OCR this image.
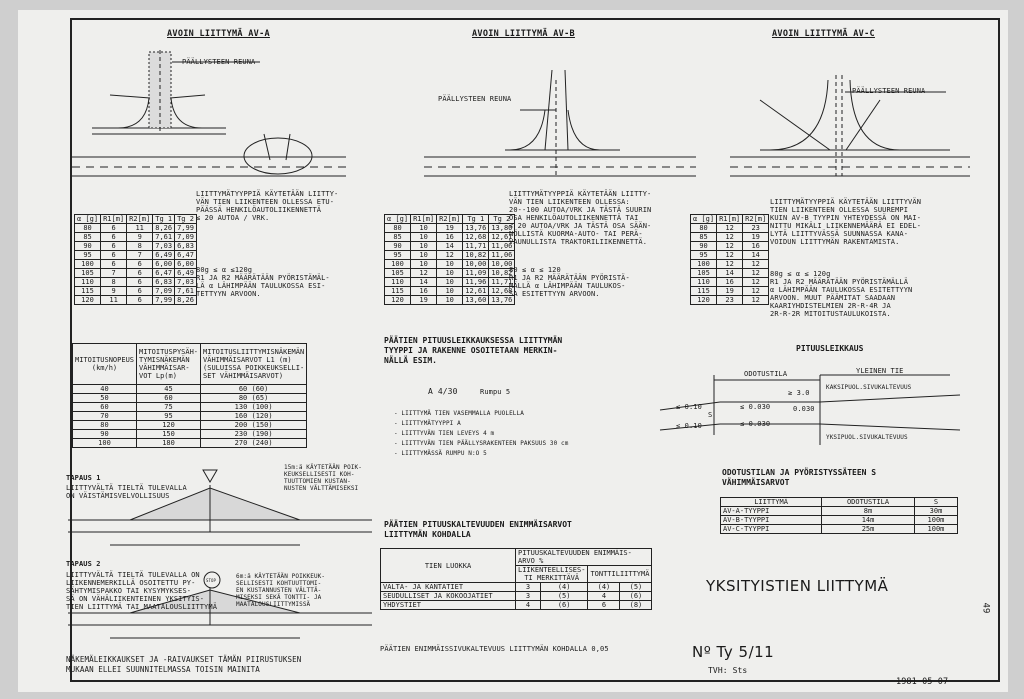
AVOIN LIITTYMÄ AV-A	AVOIN LIITTYMÄ AV-B	AVOIN LIITTYMÄ AV-C
PÄÄLLYSTEEN REUNA
PÄÄLLYSTEEN REUNA
PÄÄLLYSTEEN REUNA
α [g]	R1[m]	R2[m]	Tg 1	Tg 2
80	6	11	8,26	7,99
85	6	9	7,61	7,09
90	6	8	7,03	6,83
95	6	7	6,49	6,47
100	6	6	6,00	6,00
105	7	6	6,47	6,49
110	8	6	6,83	7,03
115	9	6	7,09	7,61
120	11	6	7,99	8,26
LIITTYMÄTYYPPIÄ KÄYTETÄÄN LIITTY-
VÄN TIEN LIIKENTEEN OLLESSA ETU-
PÄÄSSÄ HENKILÖAUTOLIIKENNETTÄ
≤ 20 AUTOA / VRK.
80g ≤ α ≤120g
R1 JA R2 MÄÄRÄTÄÄN PYÖRISTÄMÄL-
LÄ α LÄHIMPÄÄN TAULUKOSSA ESI-
TETTYYN ARVOON.
α [g]	R1[m]	R2[m]	Tg 1	Tg 2
80	10	19	13,76	13,80
85	10	16	12,68	12,61
90	10	14	11,71	11,06
95	10	12	10,82	11,06
100	10	10	10,00	10,00
105	12	10	11,09	10,82
110	14	10	11,96	11,71
115	16	10	12,61	12,68
120	19	10	13,60	13,76
LIITTYMÄTYYPPIÄ KÄYTETÄÄN LIITTY-
VÄN TIEN LIIKENTEEN OLLESSA:
20--100 AUTOA/VRK JA TÄSTÄ SUURIN
OSA HENKILÖAUTOLIIKENNETTÄ TAI
< 20 AUTOA/VRK JA TÄSTÄ OSA SÄÄN-
NÖLLISTÄ KUORMA-AUTO- TAI PERÄ-
VAUNULLISTA TRAKTORILIIKENNETTÄ.
80 ≤ α ≤ 120
R1 JA R2 MÄÄRÄTÄÄN PYÖRISTÄ-
MÄLLÄ α LÄHIMPÄÄN TAULUKOS-
SA ESITETTYYN ARVOON.
α [g]	R1[m]	R2[m]
80	12	23
85	12	19
90	12	16
95	12	14
100	12	12
105	14	12
110	16	12
115	19	12
120	23	12
LIITTYMÄTYYPPIÄ KÄYTETÄÄN LIITTYVÄN
TIEN LIIKENTEEN OLLESSA SUUREMPI
KUIN AV-B TYYPIN YHTEYDESSÄ ON MAI-
NITTU MIKÄLI LIIKENNEMÄÄRÄ EI EDEL-
LYTÄ LIITTYVÄSSÄ SUUNNASSA KANA-
VOIDUN LIITTYMÄN RAKENTAMISTA.
80g ≤ α ≤ 120g
R1 JA R2 MÄÄRÄTÄÄN PYÖRISTÄMÄLLÄ
α LÄHIMPÄÄN TAULUKOSSA ESITETTYYN
ARVOON. MUUT PÄÄMITAT SAADAAN
KAARIYHDISTELMIEN 2R-R-4R JA
2R-R-2R MITOITUSTAULUKOISTA.
MITOITUSNOPEUS
(km/h)	MITOITUSPYSÄH-
TYMISNÄKEMÄN
VÄHIMMÄISAR-
VOT Lp(m)	MITOITUSLIITTYMISNÄKEMÄN
VÄHIMMÄISARVOT L1 (m)
(SULUISSA POIKKEUKSELLI-
SET VÄHIMMÄISARVOT)
40	45	60 (60)
50	60	80 (65)
60	75	130 (100)
70	95	160 (120)
80	120	200 (150)
90	150	230 (190)
100	180	270 (240)
TAPAUS 1
LIITTYVÄLTÄ TIELTÄ TULEVALLA
ON VÄISTÄMISVELVOLLISUUS
15m:ä KÄYTETÄÄN POIK-
KEUKSELLISESTI KOH-
TUUTTOMIEN KUSTAN-
NUSTEN VÄLTTÄMISEKSI
TAPAUS 2
LIITTYVÄLTÄ TIELTÄ TULEVALLA ON
LIIKENNEMERKILLÄ OSOITETTU PY-
SÄHTYMISPAKKO TAI KYSYMYKSES-
SÄ ON VÄHÄLIIKENTEINEN YKSITYIS-
TIEN LIITTYMÄ TAI MAATALOUSLIITTYMÄ
STOP
6m:ä KÄYTETÄÄN POIKKEUK-
SELLISESTI KOHTUUTTOMI-
EN KUSTANNUSTEN VÄLTTÄ-
MISEKSI SEKÄ TONTTI- JA
MAATALOUSLIITTYMISSÄ
NÄKEMÄLEIKKAUKSET JA -RAIVAUKSET TÄMÄN PIIRUSTUKSEN
MUKAAN ELLEI SUUNNITELMASSA TOISIN MAINITA
PÄÄTIEN PITUUSLEIKKAUKSESSA LIITTYMÄN
TYYPPI JA RAKENNE OSOITETAAN MERKIN-
NÄLLÄ ESIM.
A 4/30	Rumpu 5
- LIITTYMÄ TIEN VASEMMALLA PUOLELLA
- LIITTYMÄTYYPPI A
- LIITTYVÄN TIEN LEVEYS 4 m
- LIITTYVÄN TIEN PÄÄLLYSRAKENTEEN PAKSUUS 30 cm
- LIITTYMÄSSÄ RUMPU N:O 5
PÄÄTIEN PITUUSKALTEVUUDEN ENIMMÄISARVOT
LIITTYMÄN KOHDALLA
TIEN LUOKKA	PITUUSKALTEVUUDEN ENIMMÄIS-
ARVO %			
	LIIKENTEELLISES-
TI MERKITTÄVÄ		TONTTILIITTYMÄ	
VALTA- JA KANTATIET	3	(4)	(4)	(5)
SEUDULLISET JA KOKOOJATIET	3	(5)	4	(6)
YHDYSTIET	4	(6)	6	(8)
PÄÄTIEN ENIMMÄISSIVUKALTEVUUS LIITTYMÄN KOHDALLA 0,05
PITUUSLEIKKAUS
ODOTUSTILA	YLEINEN TIE
≥ 3.0
KAKSIPUOL.SIVUKALTEVUUS
YKSIPUOL.SIVUKALTEVUUS
≤ 0.10
≤ 0.10
≤ 0.030
≤ 0.030
0.030
S
ODOTUSTILAN JA PYÖRISTYSSÄTEEN S
VÄHIMMÄISARVOT
LIITTYMÄ	ODOTUSTILA	S
AV-A-TYYPPI	8m	30m
AV-B-TYYPPI	14m	100m
AV-C-TYYPPI	25m	100m
YKSITYISTIEN LIITTYMÄ
Nº Ty 5/11
TVH: Sts
1981 05 07
49
